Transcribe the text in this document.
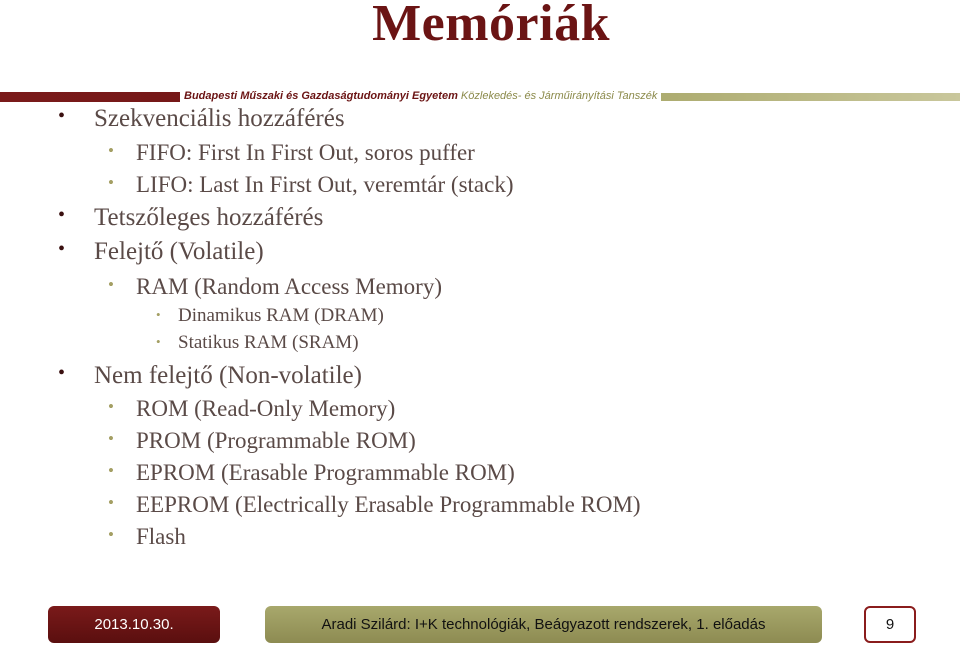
Memóriák
Budapesti Műszaki és Gazdaságtudományi Egyetem Közlekedés- és Járműirányítási Tanszék
• Szekvenciális hozzáférés
• FIFO: First In First Out, soros puffer
• LIFO: Last In First Out, veremtár (stack)
• Tetszőleges hozzáférés
• Felejtő (Volatile)
• RAM (Random Access Memory)
• Dinamikus RAM (DRAM)
• Statikus RAM (SRAM)
• Nem felejtő (Non-volatile)
• ROM (Read-Only Memory)
• PROM (Programmable ROM)
• EPROM (Erasable Programmable ROM)
• EEPROM (Electrically Erasable Programmable ROM)
• Flash
2013.10.30.	Aradi Szilárd: I+K technológiák, Beágyazott rendszerek, 1. előadás	9
